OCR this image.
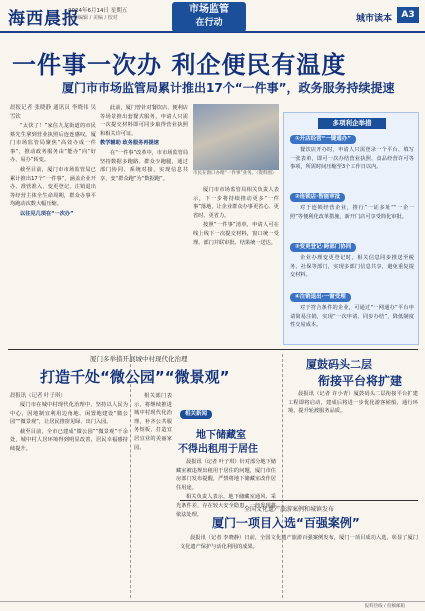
海西晨报
2024年6月14日 星期五
责任编辑 / 美编 / 校对
市场监管
在行动	城市读本	A3
一件事一次办 利企便民有温度
厦门市市场监管局累计推出17个“一件事”，政务服务持续提速
晨报记者 张晓静 通讯员 李晓伟 吴雪钦

“太快了！”家住九龙街道的市民蔡先生拿到营业执照后连连感叹。厦门市场监管局聚焦“高效办成一件事”，推动政务服务由“能办”向“好办、易办”转变。

截至目前，厦门市市场监管局已累计推出17个“一件事”，涵盖企业开办、准营准入、变更登记、注销退出等经营主体全生命周期，群众办事平均跑动次数大幅压缩。

以往见几项在“一次办”

此前，厦门曾针对餐饮店、便利店等场景推出套餐式服务，申请人只需一次提交材料即可同步取得营业执照和相关许可证。

教学辅助 政务服务再提速

在“一件事”改革中，市市场监管局坚持数据多跑路、群众少跑腿，通过部门协同、系统对接，实现信息共享，变“群众跑”为“数据跑”。

市民在窗口办理“一件事”业务。（资料图）

厦门市市场监管局相关负责人表示，下一步将持续推动更多“一件事”落地，让企业群众办事更省心、更省时、更省力。

按照“一件事”清单，申请人可在线上线下一次提交材料，窗口统一受理、部门并联审批、结果统一送达。

多项利企举措
①开店经营“一键通办”
餐饮店开办时，申请人只需登录一个平台、填写一张表单，即可一次办结营业执照、食品经营许可等事项，所需时间压缩至3个工作日以内。
②连锁店·智能审批
对于连锁经营企业，推行“一证多址”“一企一照”等便利化改革措施，新开门店可享受简化审批。
③变更登记·跨部门协同
企业办理变更登记时，相关信息同步推送至税务、社保等部门，实现多部门信息共享，避免重复提交材料。
④注销退出·一窗受理
对于符合条件的企业，可通过“一网通办”平台申请简易注销，实现“一次申请、同步办结”，降低制度性交易成本。
厦门多举措开展城中村现代化治理
打造千处“微公园”“微景观”
晨报讯（记者 叶子琪）

厦门市在城中村现代化治理中，坚持以人民为中心，因地制宜利用边角地、闲置地建设“微公园”“微景观”，让居民推窗见绿、出门入园。

截至目前，全市已建成“微公园”“微景观”千余处，城中村人居环境得到明显改善，居民幸福感持续提升。

相关部门表示，将继续推进城中村现代化治理，补齐公共服务短板，打造宜居宜业的美丽家园。

相关新闻
地下储藏室
不得出租用于居住

晨报讯（记者 叶子琪）针对部分地下储藏室被违规出租用于居住的问题，厦门市住房部门发布提醒，严禁将地下储藏室改作居住用途。

相关负责人表示，地下储藏室通风、采光条件差，存在较大安全隐患，一经发现将依法处理。

厦鼓码头二层
衔接平台将扩建

晨报讯（记者 许小青）厦鼓码头二层衔接平台扩建工程即将启动，建成后将进一步优化游客候船、通行环境，提升轮渡服务品质。

全国文化遗产旅游案例和城镇发布
厦门一项目入选“百强案例”

晨报讯（记者 李晓静）日前，全国文化遗产旅游百强案例发布，厦门一项目成功入选，彰显了厦门文化遗产保护与活化利用的成果。

报料热线 / 投稿邮箱
